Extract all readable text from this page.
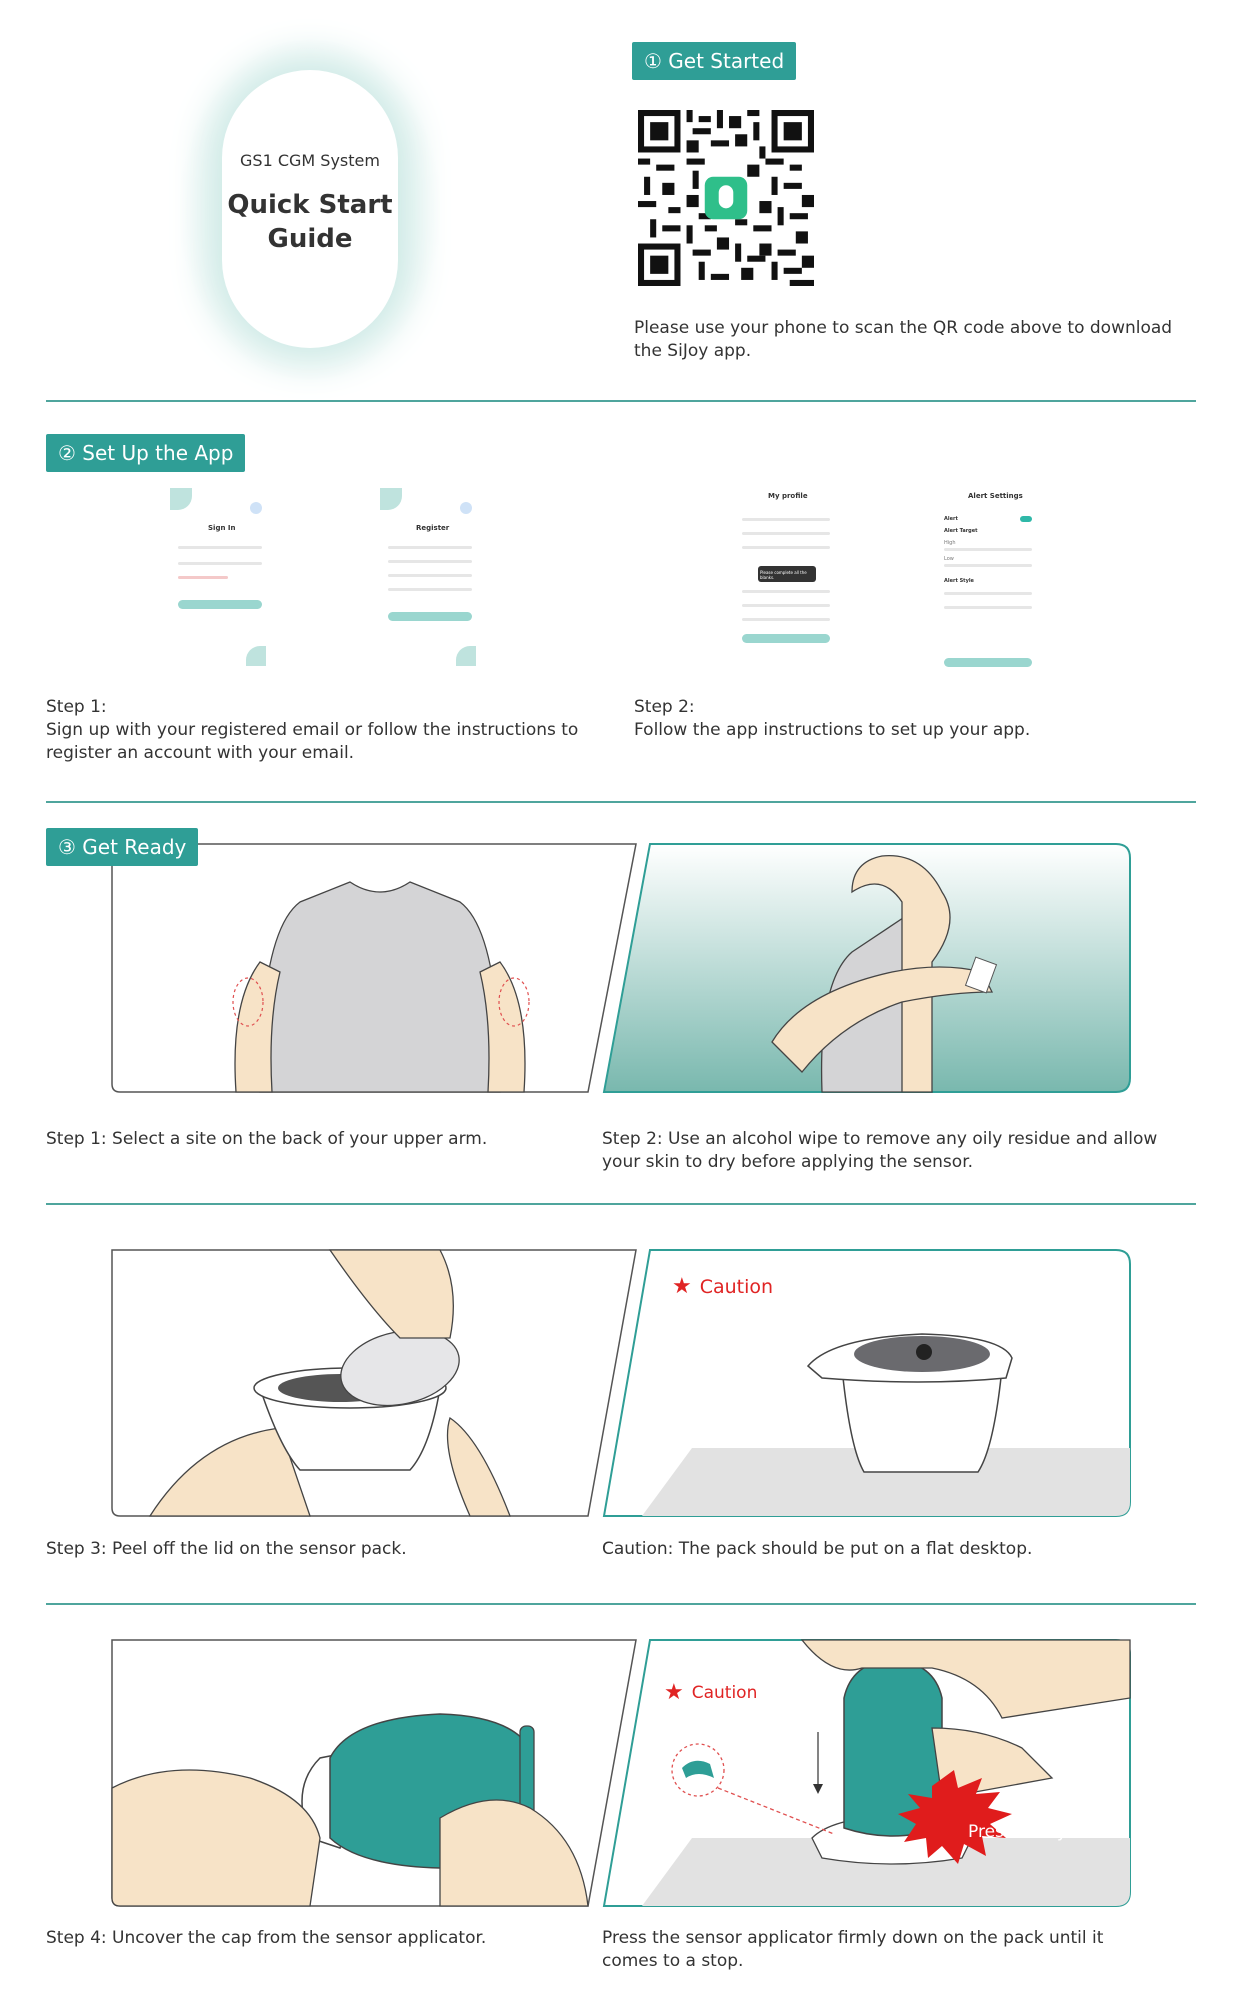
GS1 CGM System
Quick Start
Guide
① Get Started
Please use your phone to scan the QR code above to download the SiJoy app.
② Set Up the App
Sign In	Register
My profile
Please complete all the blanks.
Alert Settings
Alert
Alert Target
High
Low
Alert Style
Step 1:
Sign up with your registered email or follow the instructions to register an account with your email.
Step 2:
Follow the app instructions to set up your app.
③ Get Ready
Step 1: Select a site on the back of your upper arm.	Step 2: Use an alcohol wipe to remove any oily residue and allow your skin to dry before applying the sensor.
★ Caution
Step 3: Peel off the lid on the sensor pack.	Caution: The pack should be put on a flat desktop.
★ Caution
Press firmly
Step 4: Uncover the cap from the sensor applicator.	Press the sensor applicator firmly down on the pack until it comes to a stop.
